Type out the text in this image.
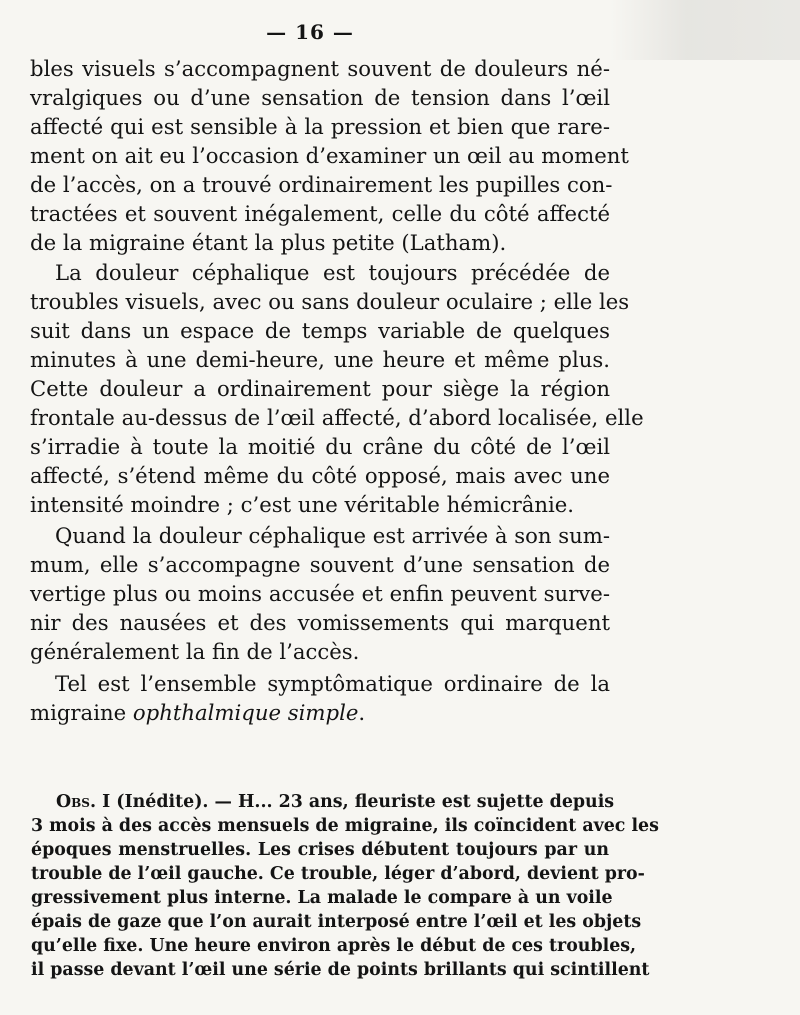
— 16 —
bles visuels s’accompagnent souvent de douleurs né-
vralgiques ou d’une sensation de tension dans l’œil
affecté qui est sensible à la pression et bien que rare-
ment on ait eu l’occasion d’examiner un œil au moment
de l’accès, on a trouvé ordinairement les pupilles con-
tractées et souvent inégalement, celle du côté affecté
de la migraine étant la plus petite (Latham).
La douleur céphalique est toujours précédée de
troubles visuels, avec ou sans douleur oculaire ; elle les
suit dans un espace de temps variable de quelques
minutes à une demi-heure, une heure et même plus.
Cette douleur a ordinairement pour siège la région
frontale au-dessus de l’œil affecté, d’abord localisée, elle
s’irradie à toute la moitié du crâne du côté de l’œil
affecté, s’étend même du côté opposé, mais avec une
intensité moindre ; c’est une véritable hémicrânie.
Quand la douleur céphalique est arrivée à son sum-
mum, elle s’accompagne souvent d’une sensation de
vertige plus ou moins accusée et enfin peuvent surve-
nir des nausées et des vomissements qui marquent
généralement la fin de l’accès.
Tel est l’ensemble symptômatique ordinaire de la
migraine ophthalmique simple.
Obs. I (Inédite). — H... 23 ans, fleuriste est sujette depuis
3 mois à des accès mensuels de migraine, ils coïncident avec les
époques menstruelles. Les crises débutent toujours par un
trouble de l’œil gauche. Ce trouble, léger d’abord, devient pro-
gressivement plus interne. La malade le compare à un voile
épais de gaze que l’on aurait interposé entre l’œil et les objets
qu’elle fixe. Une heure environ après le début de ces troubles,
il passe devant l’œil une série de points brillants qui scintillent
